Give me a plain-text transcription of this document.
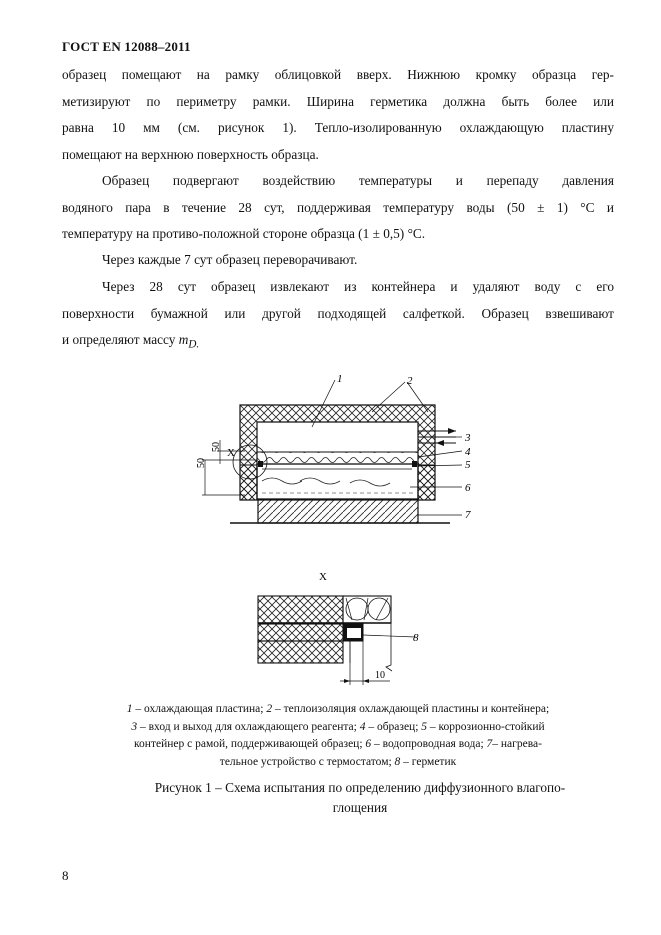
ГОСТ EN 12088–2011
образец помещают на рамку облицовкой вверх. Нижнюю кромку образца гер-
метизируют по периметру рамки. Ширина герметика должна быть более или
равна 10 мм (см. рисунок 1). Тепло-изолированную охлаждающую пластину
помещают на верхнюю поверхность образца.
Образец подвергают воздействию температуры и перепаду давления
водяного пара в течение 28 сут, поддерживая температуру воды (50 ± 1) °С и
температуру на противо-положной стороне образца (1 ± 0,5) °С.
Через каждые 7 сут образец переворачивают.
Через 28 сут образец извлекают из контейнера и удаляют воду с его
поверхности бумажной или другой подходящей салфеткой. Образец взвешивают
и определяют массу $m_{D.}$
X
50
50
1	2
3
4
5
6
7
X
8
10
1 – охлаждающая пластина; 2 – теплоизоляция охлаждающей пластины и контейнера;
3 – вход и выход для охлаждающего реагента; 4 – образец; 5 – коррозионно-стойкий
контейнер с рамой, поддерживающей образец; 6 – водопроводная вода; 7– нагрева-
тельное устройство с термостатом; 8 – герметик
Рисунок 1 – Схема испытания по определению диффузионного влагопо-
глощения
8
